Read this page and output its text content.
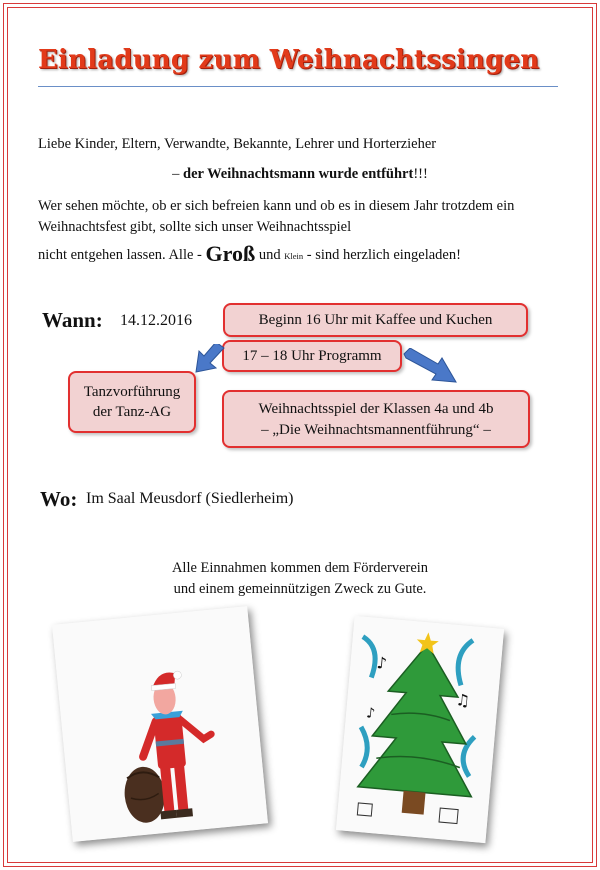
Einladung zum Weihnachtssingen
Liebe Kinder, Eltern, Verwandte, Bekannte, Lehrer und Horterzieher
– der Weihnachtsmann wurde entführt!!!
Wer sehen möchte, ob er sich befreien kann und ob es in diesem Jahr trotzdem ein Weihnachtsfest gibt, sollte sich unser Weihnachtsspiel
nicht entgehen lassen. Alle - Groß und Klein - sind herzlich eingeladen!
Wann: 14.12.2016	Beginn 16 Uhr mit Kaffee und Kuchen
17 – 18 Uhr Programm
Tanzvorführung
der Tanz-AG	Weihnachtsspiel der Klassen 4a und 4b
– „Die Weihnachtsmannentführung“ –
Wo: Im Saal Meusdorf (Siedlerheim)
Alle Einnahmen kommen dem Förderverein
und einem gemeinnützigen Zweck zu Gute.
♪
♫
♪
